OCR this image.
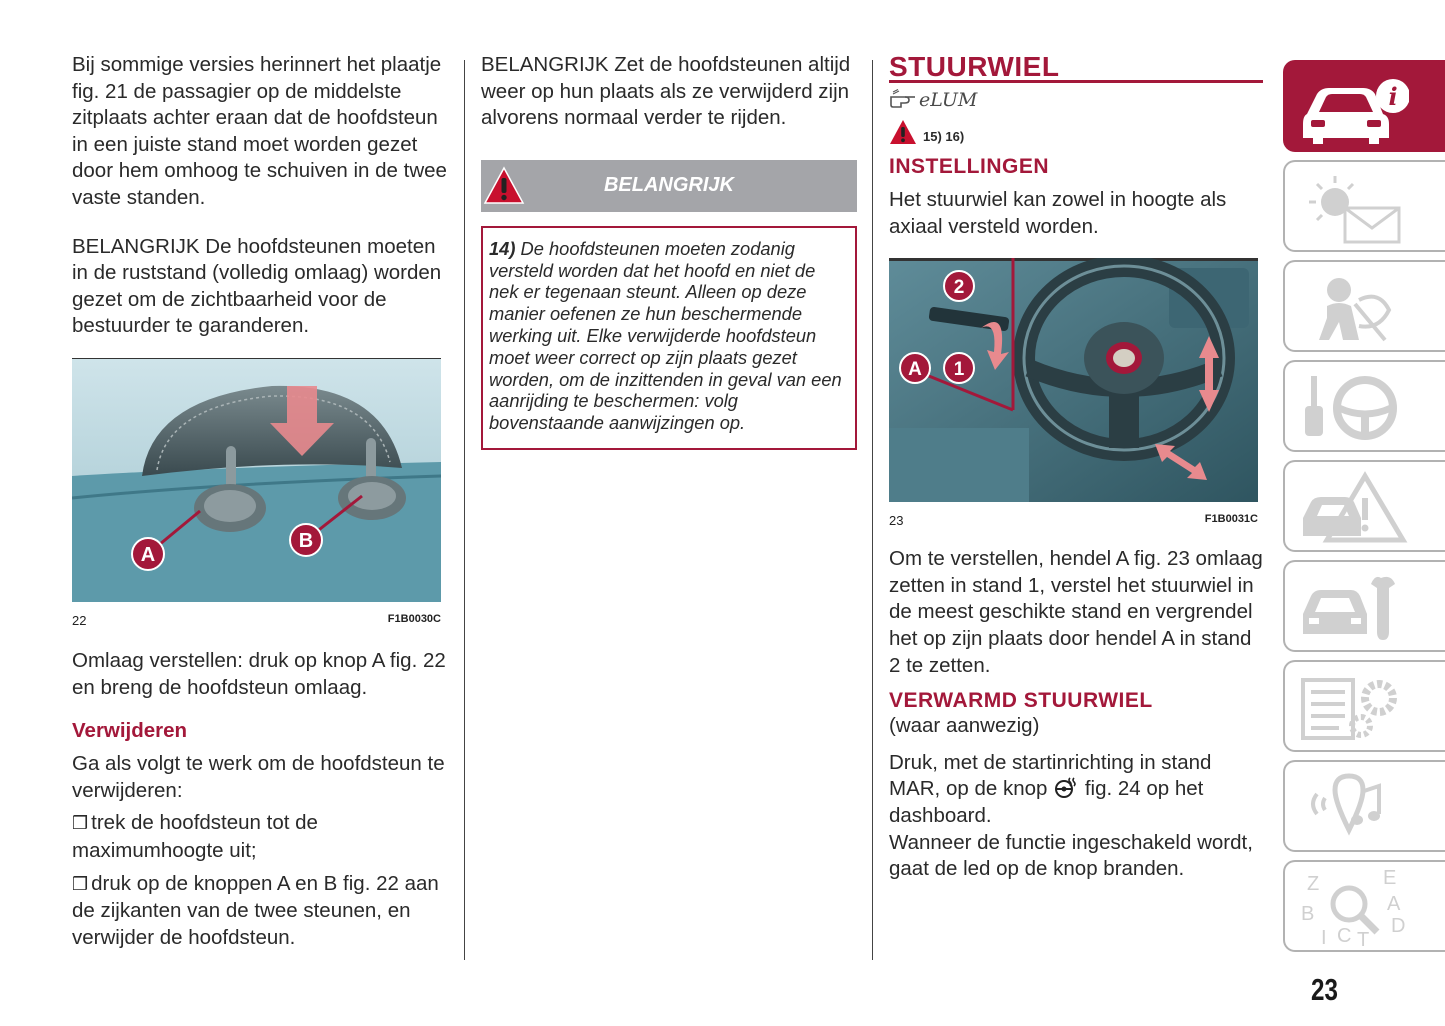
Bij sommige versies herinnert het plaatje fig. 21 de passagier op de middelste zitplaats achter eraan dat de hoofdsteun in een juiste stand moet worden gezet door hem omhoog te schuiven in de twee vaste standen.

BELANGRIJK De hoofdsteunen moeten in de ruststand (volledig omlaag) worden gezet om de zichtbaarheid voor de bestuurder te garanderen.

A
B
22	F1B0030C

Omlaag verstellen: druk op knop A fig. 22 en breng de hoofdsteun omlaag.

Verwijderen

Ga als volgt te werk om de hoofdsteun te verwijderen:

❒ trek de hoofdsteun tot de maximumhoogte uit;

❒ druk op de knoppen A en B fig. 22 aan de zijkanten van de twee steunen, en verwijder de hoofdsteun.

BELANGRIJK Zet de hoofdsteunen altijd weer op hun plaats als ze verwijderd zijn alvorens normaal verder te rijden.

BELANGRIJK

14) De hoofdsteunen moeten zodanig versteld worden dat het hoofd en niet de nek er tegenaan steunt. Alleen op deze manier oefenen ze hun beschermende werking uit. Elke verwijderde hoofdsteun moet weer correct op zijn plaats gezet worden, om de inzittenden in geval van een aanrijding te beschermen: volg bovenstaande aanwijzingen op.

STUURWIEL
eLUM
15) 16)
INSTELLINGEN

Het stuurwiel kan zowel in hoogte als axiaal versteld worden.

2
1
A
23	F1B0031C

Om te verstellen, hendel A fig. 23 omlaag zetten in stand 1, verstel het stuurwiel in de meest geschikte stand en vergrendel het op zijn plaats door hendel A in stand 2 te zetten.

VERWARMD STUURWIEL

(waar aanwezig)

Druk, met de startinrichting in stand MAR, op de knop fig. 24 op het dashboard.

Wanneer de functie ingeschakeld wordt, gaat de led op de knop branden.

i
Z	E
A
B
D
I C T
23
